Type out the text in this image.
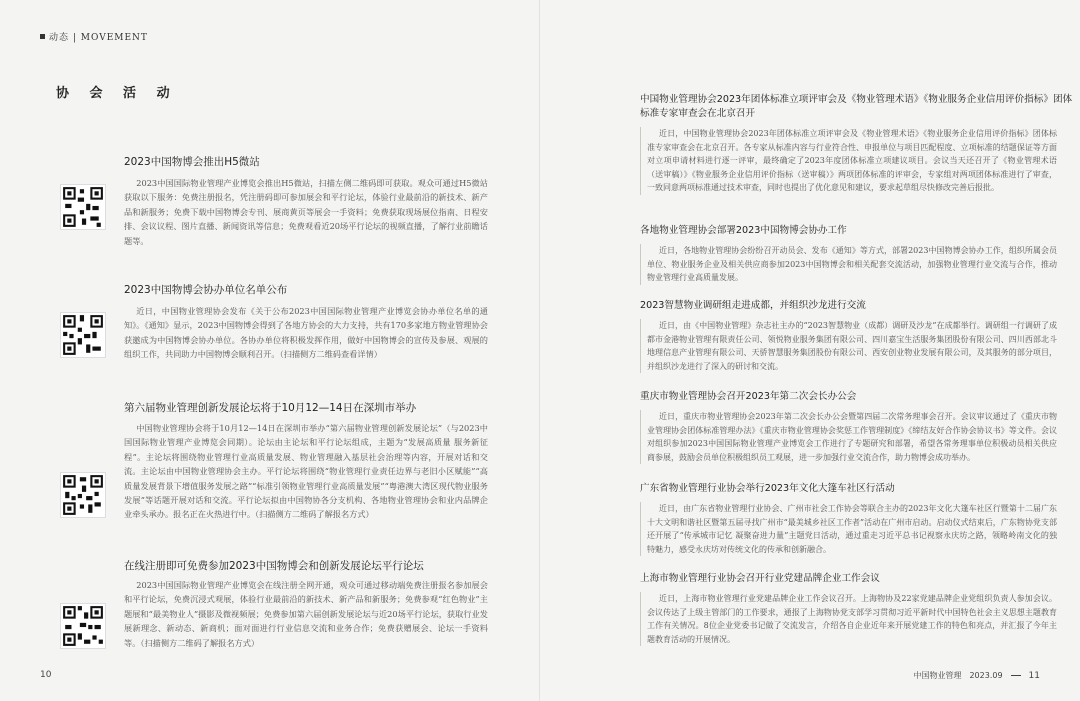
动态 | MOVEMENT
协 会 活 动
2023中国物博会推出H5微站
2023中国国际物业管理产业博览会推出H5微站，扫描左侧二维码即可获取。观众可通过H5微站获取以下服务：免费注册报名，凭注册码即可参加展会和平行论坛，体验行业最前沿的新技术、新产品和新服务；免费下载中国物博会专刊、展商黄页等展会一手资料；免费获取现场展位指南、日程安排、会议议程、图片直播、新闻资讯等信息；免费观看近20场平行论坛的视频直播，了解行业前瞻话题等。
2023中国物博会协办单位名单公布
近日，中国物业管理协会发布《关于公布2023中国国际物业管理产业博览会协办单位名单的通知》。《通知》显示，2023中国物博会得到了各地方协会的大力支持，共有170多家地方物业管理协会获邀成为中国物博会协办单位。各协办单位将积极发挥作用，做好中国物博会的宣传及参展、观展的组织工作，共同助力中国物博会顺利召开。（扫描侧方二维码查看详情）
第六届物业管理创新发展论坛将于10月12—14日在深圳市举办
中国物业管理协会将于10月12—14日在深圳市举办“第六届物业管理创新发展论坛”（与2023中国国际物业管理产业博览会同期）。论坛由主论坛和平行论坛组成，主题为“发展高质量 服务新征程”。主论坛将围绕物业管理行业高质量发展、物业管理融入基层社会治理等内容，开展对话和交流。主论坛由中国物业管理协会主办。平行论坛将围绕“物业管理行业责任边界与老旧小区赋能”“高质量发展背景下增值服务发展之路”“标准引领物业管理行业高质量发展”“粤港澳大湾区现代物业服务发展”等话题开展对话和交流。平行论坛拟由中国物协各分支机构、各地物业管理协会和业内品牌企业牵头承办。报名正在火热进行中。（扫描侧方二维码了解报名方式）
在线注册即可免费参加2023中国物博会和创新发展论坛平行论坛
2023中国国际物业管理产业博览会在线注册全网开通，观众可通过移动端免费注册报名参加展会和平行论坛，免费沉浸式观展，体验行业最前沿的新技术、新产品和新服务；免费参观“红色物业”主题展和“最美物业人”摄影及微视频展；免费参加第六届创新发展论坛与近20场平行论坛，获取行业发展新理念、新动态、新商机；面对面进行行业信息交流和业务合作；免费获赠展会、论坛一手资料等。（扫描侧方二维码了解报名方式）
10
中国物业管理协会2023年团体标准立项评审会及《物业管理术语》《物业服务企业信用评价指标》团体标准专家审查会在北京召开
近日，中国物业管理协会2023年团体标准立项评审会及《物业管理术语》《物业服务企业信用评价指标》团体标准专家审查会在北京召开。各专家从标准内容与行业符合性、申报单位与项目匹配程度、立项标准的结题保证等方面对立项申请材料进行逐一评审，最终确定了2023年度团体标准立项建议项目。会议当天还召开了《物业管理术语（送审稿）》《物业服务企业信用评价指标（送审稿）》两项团体标准的评审会，专家组对两项团体标准进行了审查，一致同意两项标准通过技术审查，同时也提出了优化意见和建议，要求起草组尽快修改完善后报批。
各地物业管理协会部署2023中国物博会协办工作
近日，各地物业管理协会纷纷召开动员会、发布《通知》等方式，部署2023中国物博会协办工作，组织所属会员单位、物业服务企业及相关供应商参加2023中国物博会和相关配套交流活动，加强物业管理行业交流与合作，推动物业管理行业高质量发展。
2023智慧物业调研组走进成都，并组织沙龙进行交流
近日，由《中国物业管理》杂志社主办的“2023智慧物业（成都）调研及沙龙”在成都举行。调研组一行调研了成都市金港物业管理有限责任公司、领悦物业服务集团有限公司、四川嘉宝生活服务集团股份有限公司、四川西部北斗地理信息产业管理有限公司、天骄智慧服务集团股份有限公司、西安创业物业发展有限公司，及其服务的部分项目，并组织沙龙进行了深入的研讨和交流。
重庆市物业管理协会召开2023年第二次会长办公会
近日，重庆市物业管理协会2023年第二次会长办公会暨第四届二次常务理事会召开。会议审议通过了《重庆市物业管理协会团体标准管理办法》《重庆市物业管理协会奖惩工作管理制度》《缔结友好合作协会协议书》等文件。会议对组织参加2023中国国际物业管理产业博览会工作进行了专题研究和部署，希望各常务理事单位积极动员相关供应商参展，鼓励会员单位积极组织员工观展，进一步加强行业交流合作，助力物博会成功举办。
广东省物业管理行业协会举行2023年文化大篷车社区行活动
近日，由广东省物业管理行业协会、广州市社会工作协会等联合主办的2023年文化大篷车社区行暨第十二届广东十大文明和谐社区暨第五届寻找广州市“最美城乡社区工作者”活动在广州市启动。启动仪式结束后，广东物协党支部还开展了“传承城市记忆 凝聚奋进力量”主题党日活动，通过重走习近平总书记视察永庆坊之路，领略岭南文化的独特魅力，感受永庆坊对传统文化的传承和创新融合。
上海市物业管理行业协会召开行业党建品牌企业工作会议
近日，上海市物业管理行业党建品牌企业工作会议召开。上海物协及22家党建品牌企业党组织负责人参加会议。会议传达了上级主管部门的工作要求，通报了上海物协党支部学习贯彻习近平新时代中国特色社会主义思想主题教育工作有关情况。8位企业党委书记做了交流发言，介绍各自企业近年来开展党建工作的特色和亮点，并汇报了今年主题教育活动的开展情况。
中国物业管理 2023.09	11
